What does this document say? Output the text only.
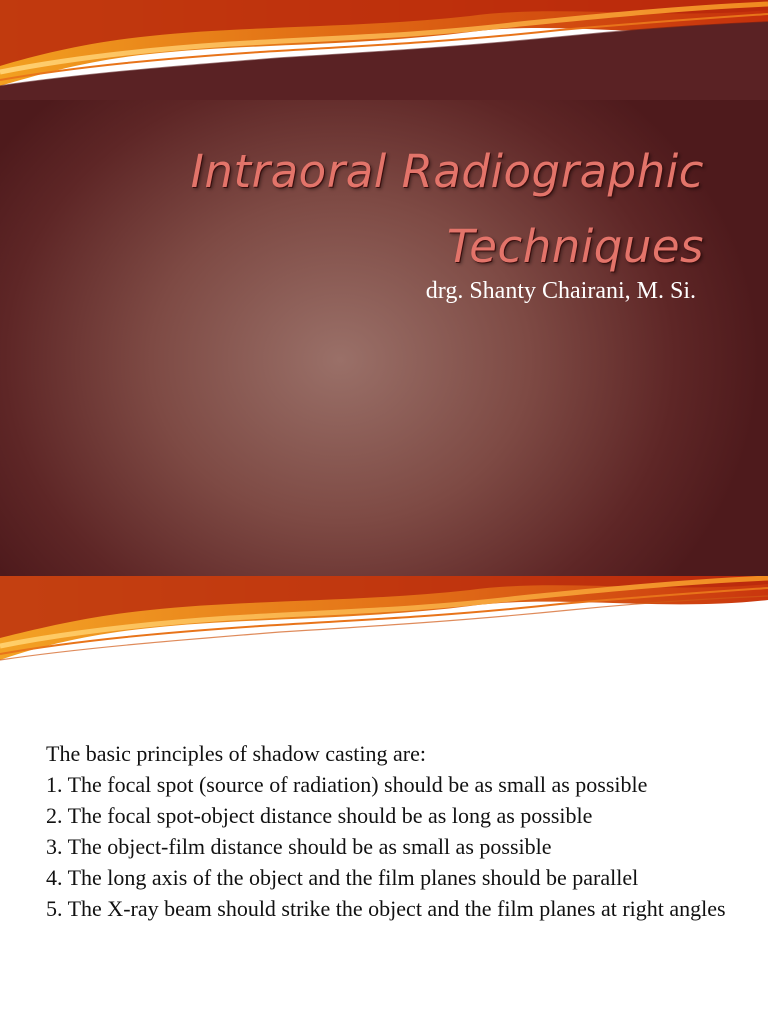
Intraoral Radiographic
Techniques
drg. Shanty Chairani, M. Si.

The basic principles of shadow casting are:

1. The focal spot (source of radiation) should be as small as possible
2. The focal spot-object distance should be as long as possible
3. The object-film distance should be as small as possible
4. The long axis of the object and the film planes should be parallel
5. The X-ray beam should strike the object and the film planes at right angles
